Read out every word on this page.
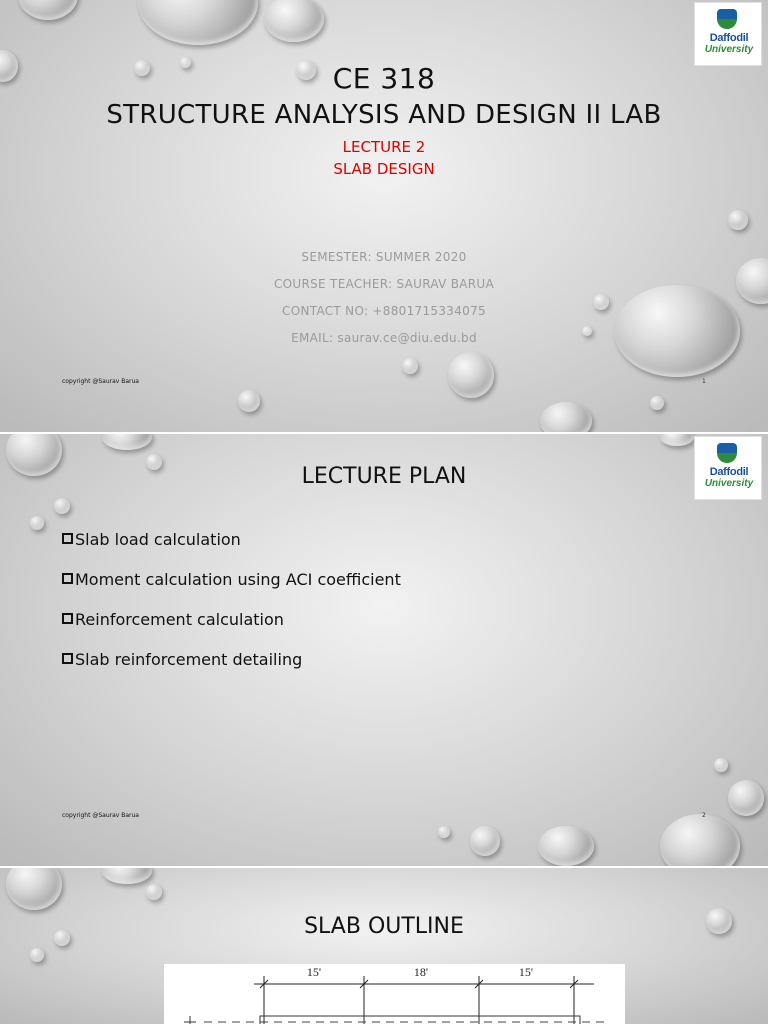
Daffodil
University
CE 318
STRUCTURE ANALYSIS AND DESIGN II LAB
LECTURE 2
SLAB DESIGN
SEMESTER: SUMMER 2020
COURSE TEACHER: SAURAV BARUA
CONTACT NO: +8801715334075
EMAIL: saurav.ce@diu.edu.bd
copyright @Saurav Barua	1
Daffodil
University
LECTURE PLAN
Slab load calculation
Moment calculation using ACI coefficient
Reinforcement calculation
Slab reinforcement detailing
copyright @Saurav Barua	2
SLAB OUTLINE
15'	18'	15'
